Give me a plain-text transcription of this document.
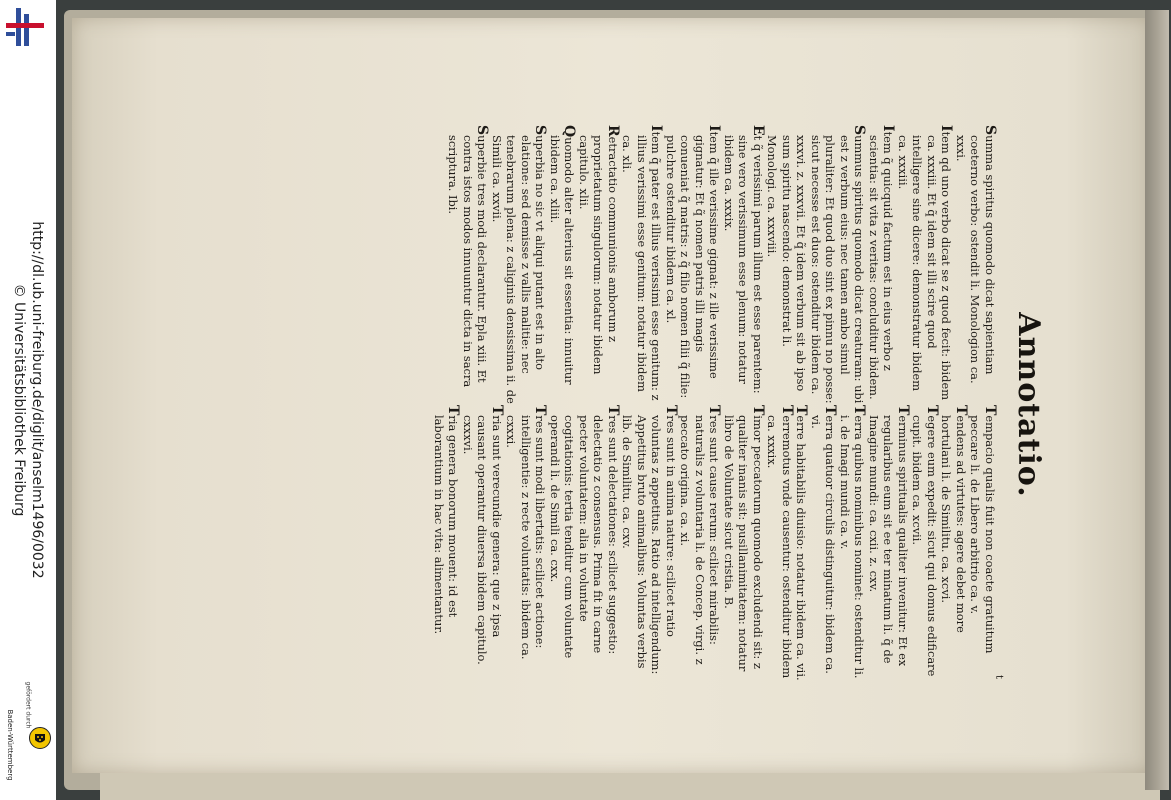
http://dl.ub.uni-freiburg.de/diglit/anselm1496/0032
© Universitätsbibliothek Freiburg
gefördert durch
Baden-Württemberg
Annotatio.

Summa spiritus quomodo dicat sapientiam coeterno verbo: ostendit li. Monologion ca. xxxi.

Item qd uno verbo dicat se z quod fecit: ibidem ca. xxxiii. Et q̃ idem sit illi scire quod intelligere sine dicere: demonstratur ibidem ca. xxxiii.

Item q̃ quicquid factum est in eius verbo z scientia: sit vita z veritas: concluditur ibidem.

Summus spiritus quomodo dicat creaturam: ubi est z verbum eius: nec tamen ambo simul pluraliter: Et quod duo sint ex pinnu no posse: sicut necesse est duos: ostenditur ibidem ca. xxxvi. z. xxxvii. Et q̃ idem verbum sit ab ipso sum spiritu nascendo: demonstrat li. Monologi. ca. xxxviii.

Et q̃ verissimi parum illum est esse parentem: sine vero verissimum esse plenum: notatur ibidem ca. xxxix.

Item q̃ ille verissime gignat: z ille verissime gignatur: Et q̃ nomen patris illi magis conueniat q̃ matris: z q̃ filio nomen filii q̃ filie: pulchre ostenditur ibidem ca. xl.

Item q̃ pater est illius verissimi esse genitum: z illius verissimi esse genitum: notatur ibidem ca. xli.

Retractatio communionis amborum z proprietatum singulorum: notatur ibidem capitulo. xlii.

Quomodo alter alterius sit essentia: innuitur ibidem ca. xliii.

Superbia no sic vt aliqui putant est in alto elatione: sed demisse z vallis malitie: nec tenebrarum plena: z caliginis densissima ii. de Simili ca. xxvii.

Superbie tres modi declarantur. Epla xiii. Et contra istos modos innuuntur dicta in sacra scriptura. Ibi.

Tempacio qualis fuit non coacte gratuitum peccare li. de Libero arbitrio ca. v.

Tendens ad virtutes: agere debet more hortulani li. de Similitu. ca. xcvi.

Tegere eum expedit: sicut qui domus edificare cupit. ibidem ca. xcvii.

Terminus spiritualis qualiter invenitur: Et ex regularibus eum sit ee ter minatum li. q̃ de Imagine mundi: ca. cxii. z. cxv.

Terra quibus nominibus nominet: ostenditur li. i. de Imagi mundi ca. v.

Terra quatuor circulis distinguitur: ibidem ca. vi.

Terre habitabilis diuisio: notatur ibidem ca. vii.

Terremotus vnde causentur: ostenditur ibidem ca. xxxix.

Timor peccatorum quomodo excludendi sit: z qualiter inanis sit: pusillanimitatem: notatur libro de Voluntate sicut cristia. B.

Tres sunt cause rerum: scilicet mirabilis: naturalis z voluntaria li. de Concep. virgi. z peccato origina. ca. xi.

Tres sunt in anima nature: scilicet ratio voluntas z appetitus. Ratio ad intelligendum: Appetitus bruto animalibus: Voluntas verbis lib. de Similitu. ca. cxv.

Tres sunt delectationes: scilicet suggestio: delectatio z consensus. Prima fit in carne pecter voluntatem: alia in voluntate cogitationis: tertia tenditur cum voluntate operandi li. de Simili ca. cxx.

Tres sunt modi libertatis: scilicet actione: intelligentie: z recte voluntatis: ibidem ca. cxxxi.

Tria sunt verecundie genera: que z ipsa causant operantur diuersa ibidem capitulo. cxxxvi.

Tria genera bonorum mouent: id est laborantium in hac vita: alimentantur.

t
